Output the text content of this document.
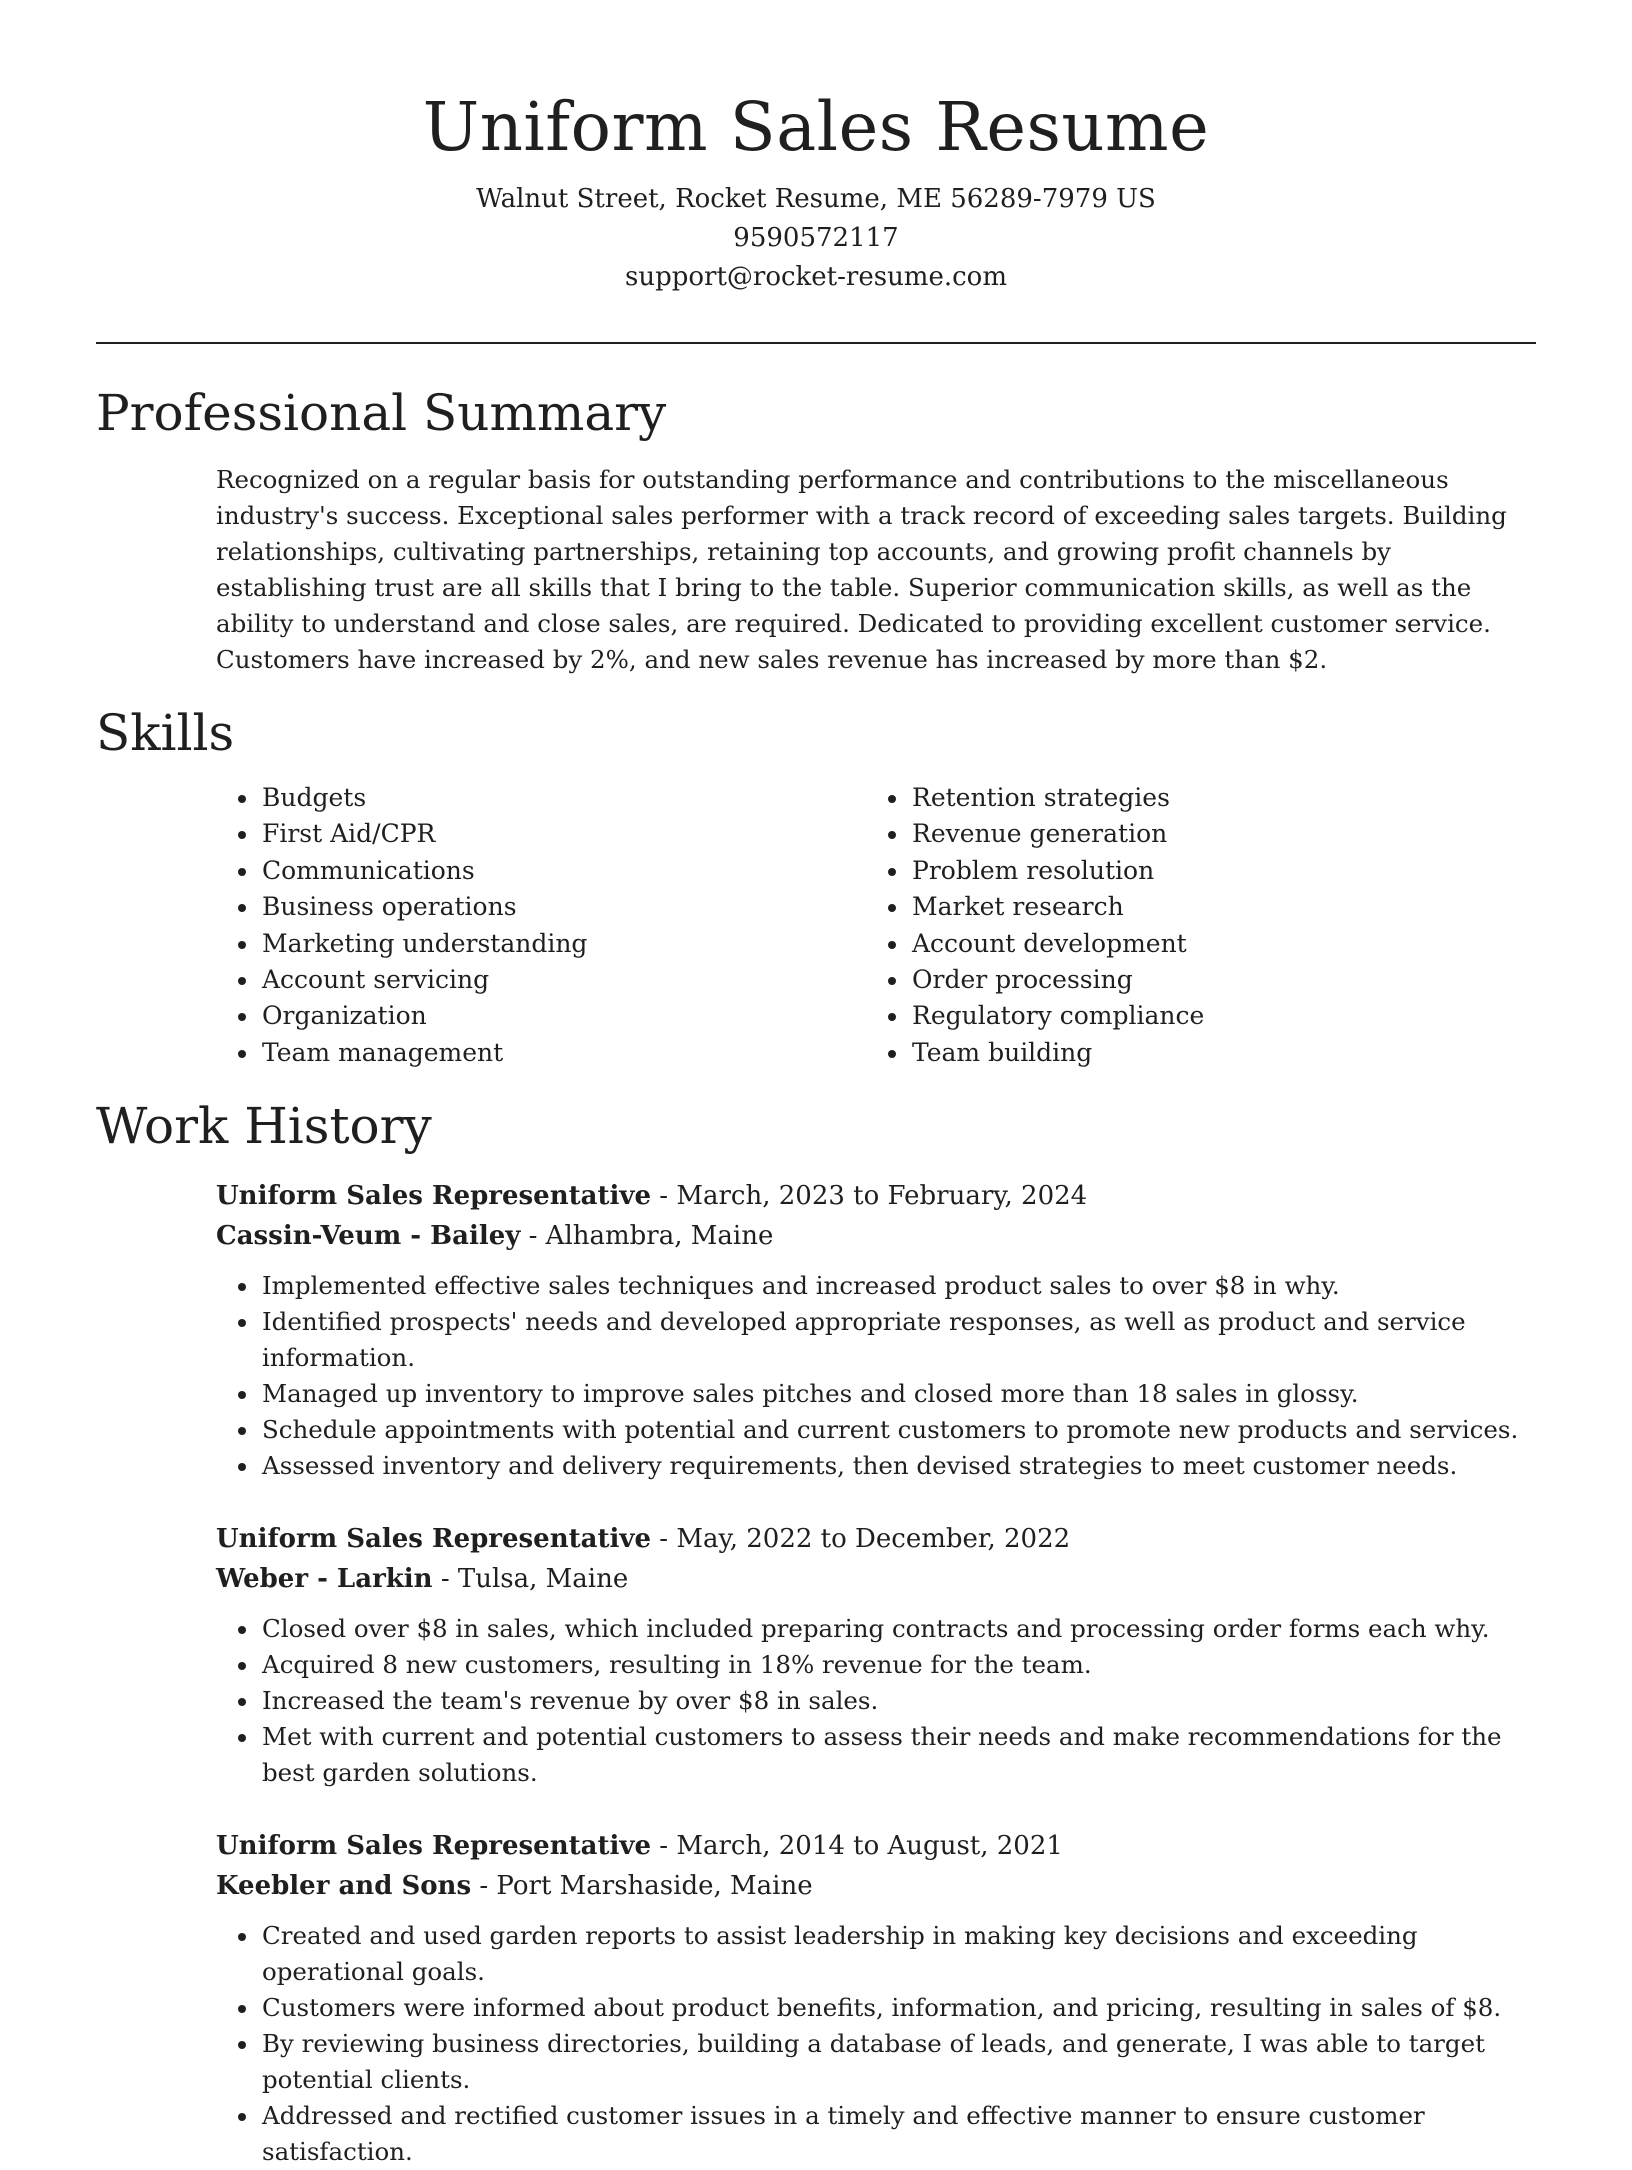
Uniform Sales Resume
Walnut Street, Rocket Resume, ME 56289-7979 US
9590572117
support@rocket-resume.com
Professional Summary
Recognized on a regular basis for outstanding performance and contributions to the miscellaneous industry's success. Exceptional sales performer with a track record of exceeding sales targets. Building relationships, cultivating partnerships, retaining top accounts, and growing profit channels by establishing trust are all skills that I bring to the table. Superior communication skills, as well as the ability to understand and close sales, are required. Dedicated to providing excellent customer service. Customers have increased by 2%, and new sales revenue has increased by more than $2.
Skills
• Budgets
• First Aid/CPR
• Communications
• Business operations
• Marketing understanding
• Account servicing
• Organization
• Team management
• Retention strategies
• Revenue generation
• Problem resolution
• Market research
• Account development
• Order processing
• Regulatory compliance
• Team building
Work History
Uniform Sales Representative - March, 2023 to February, 2024
Cassin-Veum - Bailey - Alhambra, Maine
• Implemented effective sales techniques and increased product sales to over $8 in why.
• Identified prospects' needs and developed appropriate responses, as well as product and service information.
• Managed up inventory to improve sales pitches and closed more than 18 sales in glossy.
• Schedule appointments with potential and current customers to promote new products and services.
• Assessed inventory and delivery requirements, then devised strategies to meet customer needs.
Uniform Sales Representative - May, 2022 to December, 2022
Weber - Larkin - Tulsa, Maine
• Closed over $8 in sales, which included preparing contracts and processing order forms each why.
• Acquired 8 new customers, resulting in 18% revenue for the team.
• Increased the team's revenue by over $8 in sales.
• Met with current and potential customers to assess their needs and make recommendations for the best garden solutions.
Uniform Sales Representative - March, 2014 to August, 2021
Keebler and Sons - Port Marshaside, Maine
• Created and used garden reports to assist leadership in making key decisions and exceeding operational goals.
• Customers were informed about product benefits, information, and pricing, resulting in sales of $8.
• By reviewing business directories, building a database of leads, and generate, I was able to target potential clients.
• Addressed and rectified customer issues in a timely and effective manner to ensure customer satisfaction.
